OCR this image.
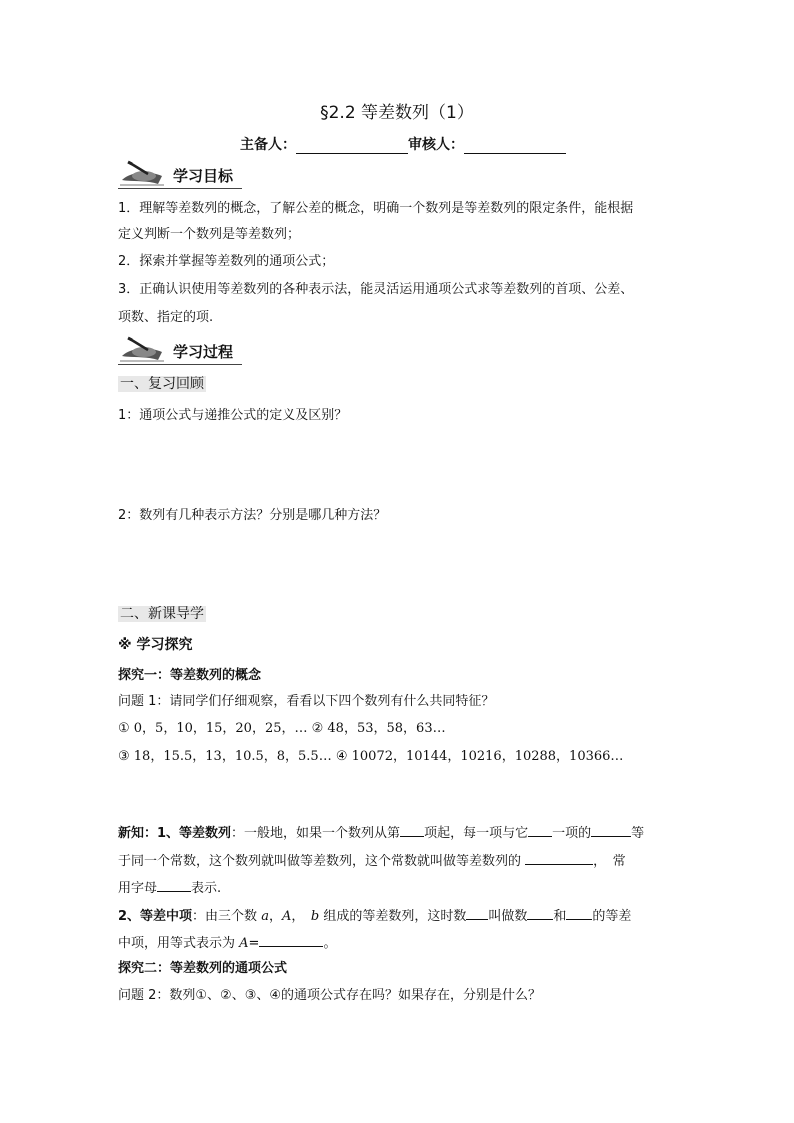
§2.2 等差数列（1）
主备人：	审核人：
学习目标
1．理解等差数列的概念，了解公差的概念，明确一个数列是等差数列的限定条件，能根据
定义判断一个数列是等差数列；
2．探索并掌握等差数列的通项公式；
3．正确认识使用等差数列的各种表示法，能灵活运用通项公式求等差数列的首项、公差、
项数、指定的项.
学习过程
一、复习回顾
1：通项公式与递推公式的定义及区别？
2：数列有几种表示方法？分别是哪几种方法？
二、新课导学
※ 学习探究
探究一：等差数列的概念
问题 1：请同学们仔细观察，看看以下四个数列有什么共同特征？
① 0，5，10，15，20，25，… ② 48，53，58，63…
③ 18，15.5，13，10.5，8，5.5… ④ 10072，10144，10216，10288，10366…
新知：1、等差数列：一般地，如果一个数列从第 项起，每一项与它 一项的	等
于同一个常数，这个数列就叫做等差数列，这个常数就叫做等差数列的	，　常
用字母	表示.
2、等差中项：由三个数 a，A，　b 组成的等差数列，这时数 叫做数 和 的等差
中项，用等式表示为 A=	。
探究二：等差数列的通项公式
问题 2：数列①、②、③、④的通项公式存在吗？如果存在，分别是什么？
